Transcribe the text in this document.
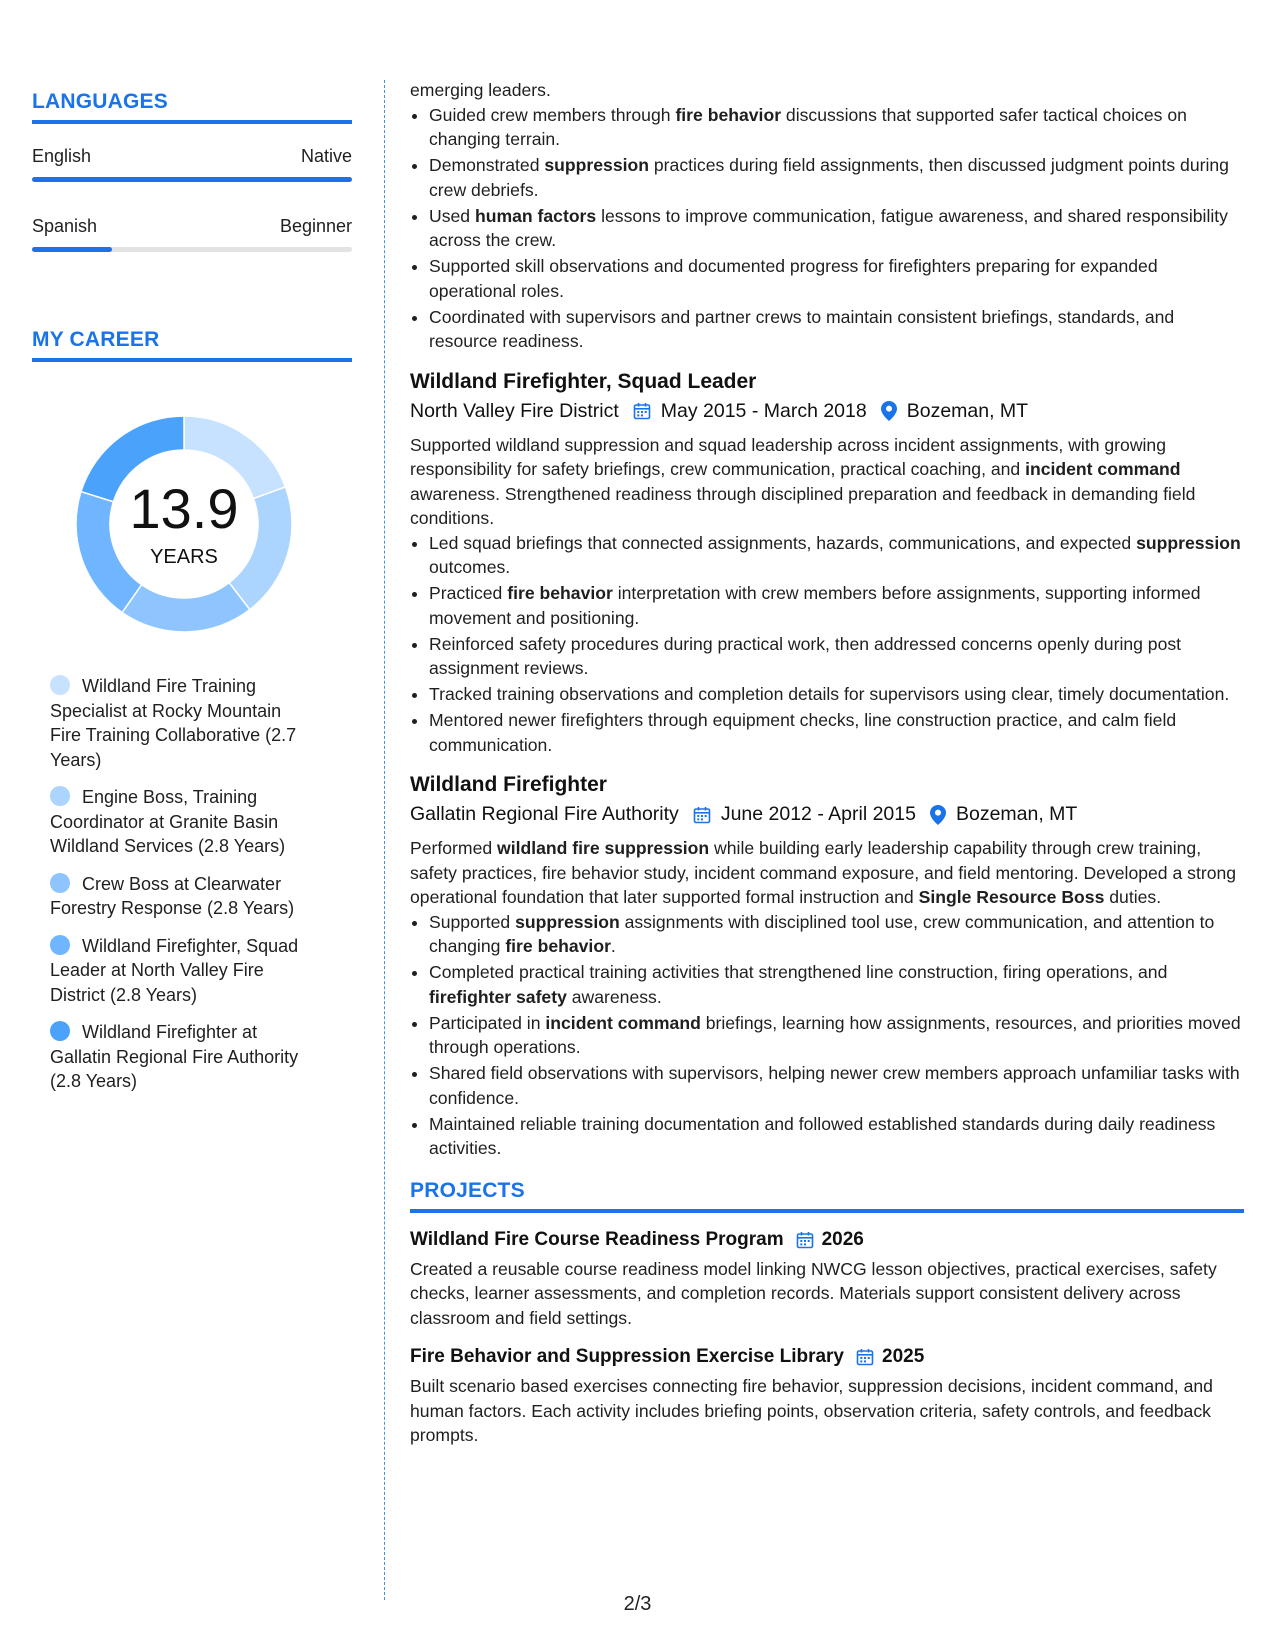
LANGUAGES
English	Native
Spanish	Beginner
MY CAREER
13.9
YEARS
Wildland Fire Training Specialist at Rocky Mountain Fire Training Collaborative (2.7 Years)
Engine Boss, Training Coordinator at Granite Basin Wildland Services (2.8 Years)
Crew Boss at Clearwater Forestry Response (2.8 Years)
Wildland Firefighter, Squad Leader at North Valley Fire District (2.8 Years)
Wildland Firefighter at Gallatin Regional Fire Authority (2.8 Years)

emerging leaders.

• Guided crew members through fire behavior discussions that supported safer tactical choices on changing terrain.
• Demonstrated suppression practices during field assignments, then discussed judgment points during crew debriefs.
• Used human factors lessons to improve communication, fatigue awareness, and shared responsibility across the crew.
• Supported skill observations and documented progress for firefighters preparing for expanded operational roles.
• Coordinated with supervisors and partner crews to maintain consistent briefings, standards, and resource readiness.
Wildland Firefighter, Squad Leader
North Valley Fire District May 2015 - March 2018 Bozeman, MT

Supported wildland suppression and squad leadership across incident assignments, with growing responsibility for safety briefings, crew communication, practical coaching, and incident command awareness. Strengthened readiness through disciplined preparation and feedback in demanding field conditions.

• Led squad briefings that connected assignments, hazards, communications, and expected suppression outcomes.
• Practiced fire behavior interpretation with crew members before assignments, supporting informed movement and positioning.
• Reinforced safety procedures during practical work, then addressed concerns openly during post assignment reviews.
• Tracked training observations and completion details for supervisors using clear, timely documentation.
• Mentored newer firefighters through equipment checks, line construction practice, and calm field communication.
Wildland Firefighter
Gallatin Regional Fire Authority June 2012 - April 2015 Bozeman, MT

Performed wildland fire suppression while building early leadership capability through crew training, safety practices, fire behavior study, incident command exposure, and field mentoring. Developed a strong operational foundation that later supported formal instruction and Single Resource Boss duties.

• Supported suppression assignments with disciplined tool use, crew communication, and attention to changing fire behavior.
• Completed practical training activities that strengthened line construction, firing operations, and firefighter safety awareness.
• Participated in incident command briefings, learning how assignments, resources, and priorities moved through operations.
• Shared field observations with supervisors, helping newer crew members approach unfamiliar tasks with confidence.
• Maintained reliable training documentation and followed established standards during daily readiness activities.
PROJECTS
Wildland Fire Course Readiness Program 2026

Created a reusable course readiness model linking NWCG lesson objectives, practical exercises, safety checks, learner assessments, and completion records. Materials support consistent delivery across classroom and field settings.

Fire Behavior and Suppression Exercise Library 2025

Built scenario based exercises connecting fire behavior, suppression decisions, incident command, and human factors. Each activity includes briefing points, observation criteria, safety controls, and feedback prompts.

2/3
